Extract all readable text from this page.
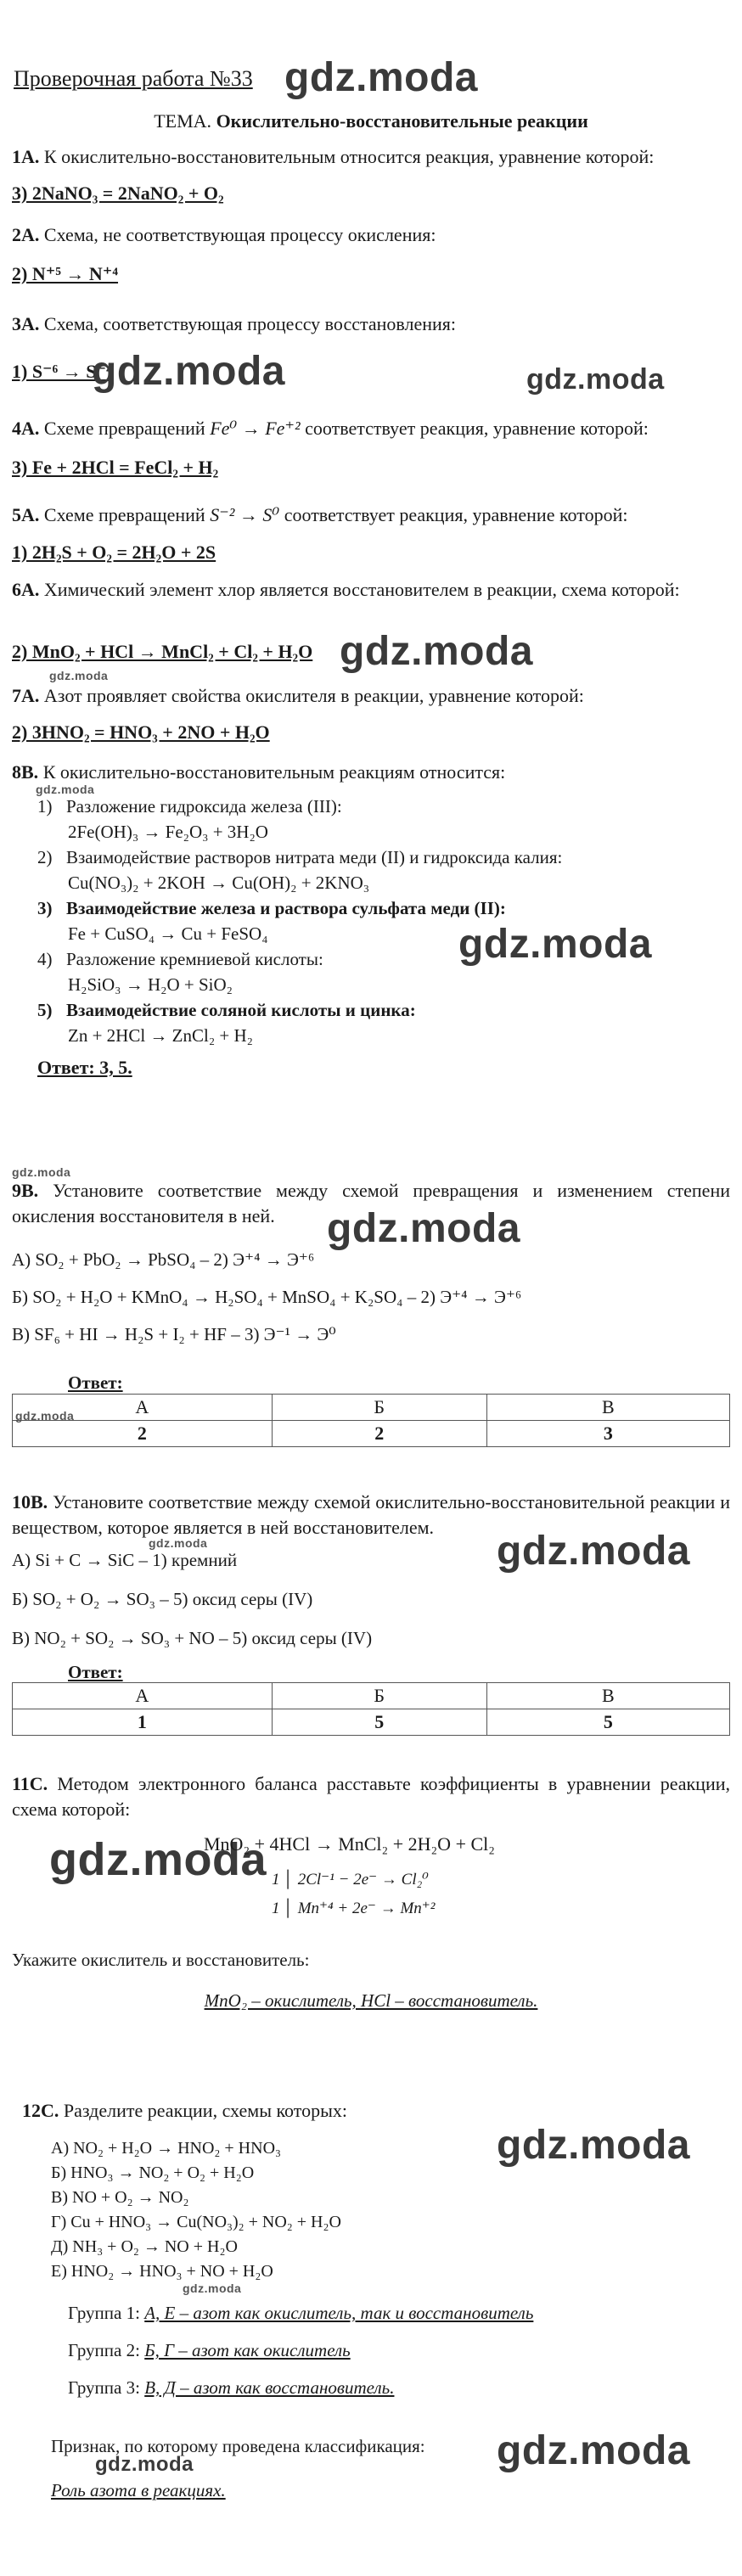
Проверочная работа №33 gdz.moda
ТЕМА. Окислительно-восстановительные реакции
1А. К окислительно-восстановительным относится реакция, уравнение которой:
3) 2NaNO₃ = 2NaNO₂ + O₂
2А. Схема, не соответствующая процессу окисления:
2) N⁺⁵ → N⁺⁴
3А. Схема, соответствующая процессу восстановления:
1) S⁻⁶ → S⁻⁴
gdz.moda	gdz.moda
4А. Схеме превращений Fe⁰ → Fe⁺² соответствует реакция, уравнение которой:
3) Fe + 2HCl = FeCl₂ + H₂
5А. Схеме превращений S⁻² → S⁰ соответствует реакция, уравнение которой:
1) 2H₂S + O₂ = 2H₂O + 2S
6А. Химический элемент хлор является восстановителем в реакции, схема которой:
2) MnO₂ + HCl → MnCl₂ + Cl₂ + H₂O gdz.moda
gdz.moda
7А. Азот проявляет свойства окислителя в реакции, уравнение которой:
2) 3HNO₂ = HNO₃ + 2NO + H₂O
8В. К окислительно-восстановительным реакциям относится:
gdz.moda
1) Разложение гидроксида железа (III):
2Fe(OH)₃ → Fe₂O₃ + 3H₂O
2) Взаимодействие растворов нитрата меди (II) и гидроксида калия:
Cu(NO₃)₂ + 2KOH → Cu(OH)₂ + 2KNO₃
3) Взаимодействие железа и раствора сульфата меди (II):
Fe + CuSO₄ → Cu + FeSO₄
4) Разложение кремниевой кислоты:
H₂SiO₃ → H₂O + SiO₂
5) Взаимодействие соляной кислоты и цинка:
Zn + 2HCl → ZnCl₂ + H₂
gdz.moda
Ответ: 3, 5.
gdz.moda
9В. Установите соответствие между схемой превращения и изменением степени окисления восстановителя в ней.	gdz.moda
А) SO₂ + PbO₂ → PbSO₄ – 2) Э⁺⁴ → Э⁺⁶
Б) SO₂ + H₂O + KMnO₄ → H₂SO₄ + MnSO₄ + K₂SO₄ – 2) Э⁺⁴ → Э⁺⁶
В) SF₆ + HI → H₂S + I₂ + HF – 3) Э⁻¹ → Э⁰
Ответ:
gdz.moda	А	Б	В
2	2	3
10В. Установите соответствие между схемой окислительно-восстановительной реакции и веществом, которое является в ней восстановителем.
gdz.moda
А) Si + C → SiC – 1) кремний
Б) SO₂ + O₂ → SO₃ – 5) оксид серы (IV)
В) NO₂ + SO₂ → SO₃ + NO – 5) оксид серы (IV)
gdz.moda
Ответ:
А	Б	В
1	5	5
11С. Методом электронного баланса расставьте коэффициенты в уравнении реакции, схема которой:
gdz.moda
MnO₂ + 4HCl → MnCl₂ + 2H₂O + Cl₂
1 │ 2Cl⁻¹ − 2e⁻ → Cl₂⁰
1 │ Mn⁺⁴ + 2e⁻ → Mn⁺²
Укажите окислитель и восстановитель:
MnO₂ – окислитель, HCl – восстановитель.
12С. Разделите реакции, схемы которых:
А) NO₂ + H₂O → HNO₂ + HNO₃
Б) HNO₃ → NO₂ + O₂ + H₂O
В) NO + O₂ → NO₂
Г) Cu + HNO₃ → Cu(NO₃)₂ + NO₂ + H₂O
Д) NH₃ + O₂ → NO + H₂O
Е) HNO₂ → HNO₃ + NO + H₂O
gdz.moda
gdz.moda
Группа 1: А, Е – азот как окислитель, так и восстановитель
Группа 2: Б, Г – азот как окислитель
Группа 3: В, Д – азот как восстановитель.
Признак, по которому проведена классификация:
gdz.moda
Роль азота в реакциях.
gdz.moda
